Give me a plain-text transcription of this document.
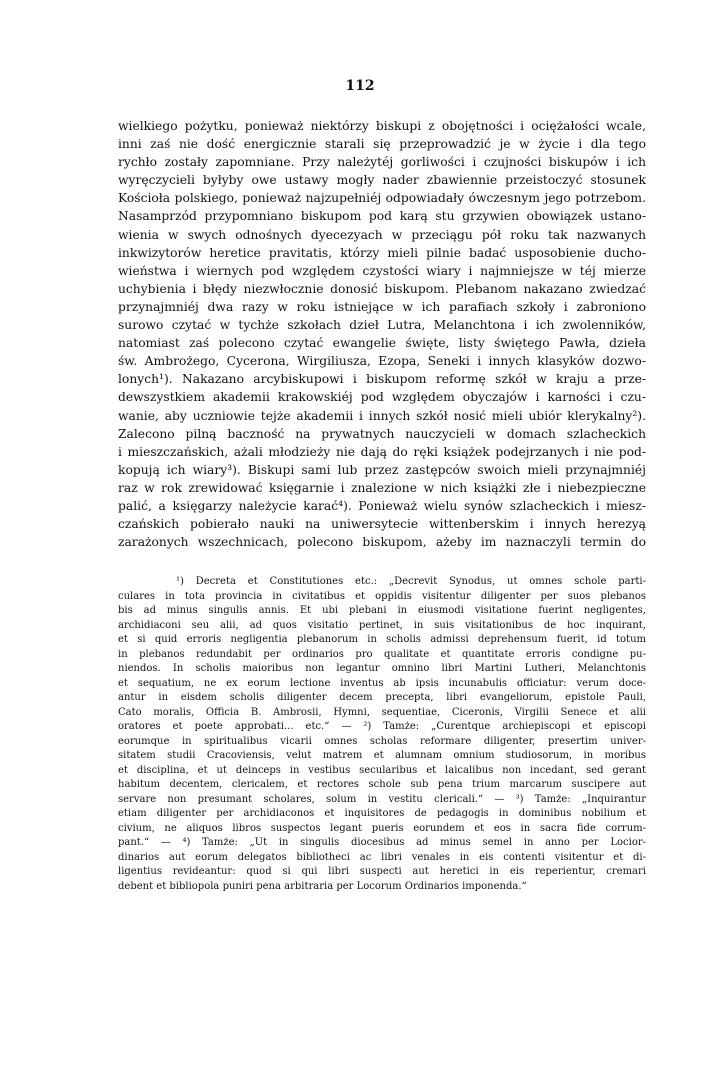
112
wielkiego pożytku, ponieważ niektórzy biskupi z obojętności i ociężałości wcale,
inni zaś nie dość energicznie starali się przeprowadzić je w życie i dla tego
rychło zostały zapomniane. Przy należytéj gorliwości i czujności biskupów i ich
wyręczycieli byłyby owe ustawy mogły nader zbawiennie przeistoczyć stosunek
Kościoła polskiego, ponieważ najzupełniéj odpowiadały ówczesnym jego potrzebom.
Nasamprzód przypomniano biskupom pod karą stu grzywien obowiązek ustano-
wienia w swych odnośnych dyecezyach w przeciągu pół roku tak nazwanych
inkwizytorów heretice pravitatis, którzy mieli pilnie badać usposobienie ducho-
wieństwa i wiernych pod względem czystości wiary i najmniejsze w téj mierze
uchybienia i błędy niezwłocznie donosić biskupom. Plebanom nakazano zwiedzać
przynajmniéj dwa razy w roku istniejące w ich parafiach szkoły i zabroniono
surowo czytać w tychże szkołach dzieł Lutra, Melanchtona i ich zwolenników,
natomiast zaś polecono czytać ewangelie święte, listy świętego Pawła, dzieła
św. Ambrożego, Cycerona, Wirgiliusza, Ezopa, Seneki i innych klasyków dozwo-
lonych¹). Nakazano arcybiskupowi i biskupom reformę szkół w kraju a prze-
dewszystkiem akademii krakowskiéj pod względem obyczajów i karności i czu-
wanie, aby uczniowie tejże akademii i innych szkół nosić mieli ubiór klerykalny²).
Zalecono pilną baczność na prywatnych nauczycieli w domach szlacheckich
i mieszczańskich, ażali młodzieży nie dają do ręki książek podejrzanych i nie pod-
kopują ich wiary³). Biskupi sami lub przez zastępców swoich mieli przynajmniéj
raz w rok zrewidować księgarnie i znalezione w nich książki złe i niebezpieczne
palić, a księgarzy należycie karać⁴). Ponieważ wielu synów szlacheckich i miesz-
czańskich pobierało nauki na uniwersytecie wittenberskim i innych herezyą
zarażonych wszechnicach, polecono biskupom, ażeby im naznaczyli termin do
¹) Decreta et Constitutiones etc.: „Decrevit Synodus, ut omnes schole parti-
culares in tota provincia in civitatibus et oppidis visitentur diligenter per suos plebanos
bis ad minus singulis annis. Et ubi plebani in eiusmodi visitatione fuerint negligentes,
archidiaconi seu alii, ad quos visitatio pertinet, in suis visitationibus de hoc inquirant,
et si quid erroris negligentia plebanorum in scholis admissi deprehensum fuerit, id totum
in plebanos redundabit per ordinarios pro qualitate et quantitate erroris condigne pu-
niendos. In scholis maioribus non legantur omnino libri Martini Lutheri, Melanchtonis
et sequatium, ne ex eorum lectione inventus ab ipsis incunabulis officiatur: verum doce-
antur in eisdem scholis diligenter decem precepta, libri evangeliorum, epistole Pauli,
Cato moralis, Officia B. Ambrosii, Hymni, sequentiae, Ciceronis, Virgilii Senece et alii
oratores et poete approbati... etc.“ — ²) Tamże: „Curentque archiepiscopi et episcopi
eorumque in spiritualibus vicarii omnes scholas reformare diligenter, presertim univer-
sitatem studii Cracoviensis, velut matrem et alumnam omnium studiosorum, in moribus
et disciplina, et ut deinceps in vestibus secularibus et laicalibus non incedant, sed gerant
habitum decentem, clericalem, et rectores schole sub pena trium marcarum suscipere aut
servare non presumant scholares, solum in vestitu clericali.“ — ³) Tamże: „Inquirantur
etiam diligenter per archidiaconos et inquisitores de pedagogis in dominibus nobilium et
civium, ne aliquos libros suspectos legant pueris eorundem et eos in sacra fide corrum-
pant.“ — ⁴) Tamże: „Ut in singulis diocesibus ad minus semel in anno per Locior-
dinarios aut eorum delegatos bibliotheci ac libri venales in eis contenti visitentur et di-
ligentius revideantur: quod si qui libri suspecti aut heretici in eis reperientur, cremari
debent et bibliopola puniri pena arbitraria per Locorum Ordinarios imponenda.“
